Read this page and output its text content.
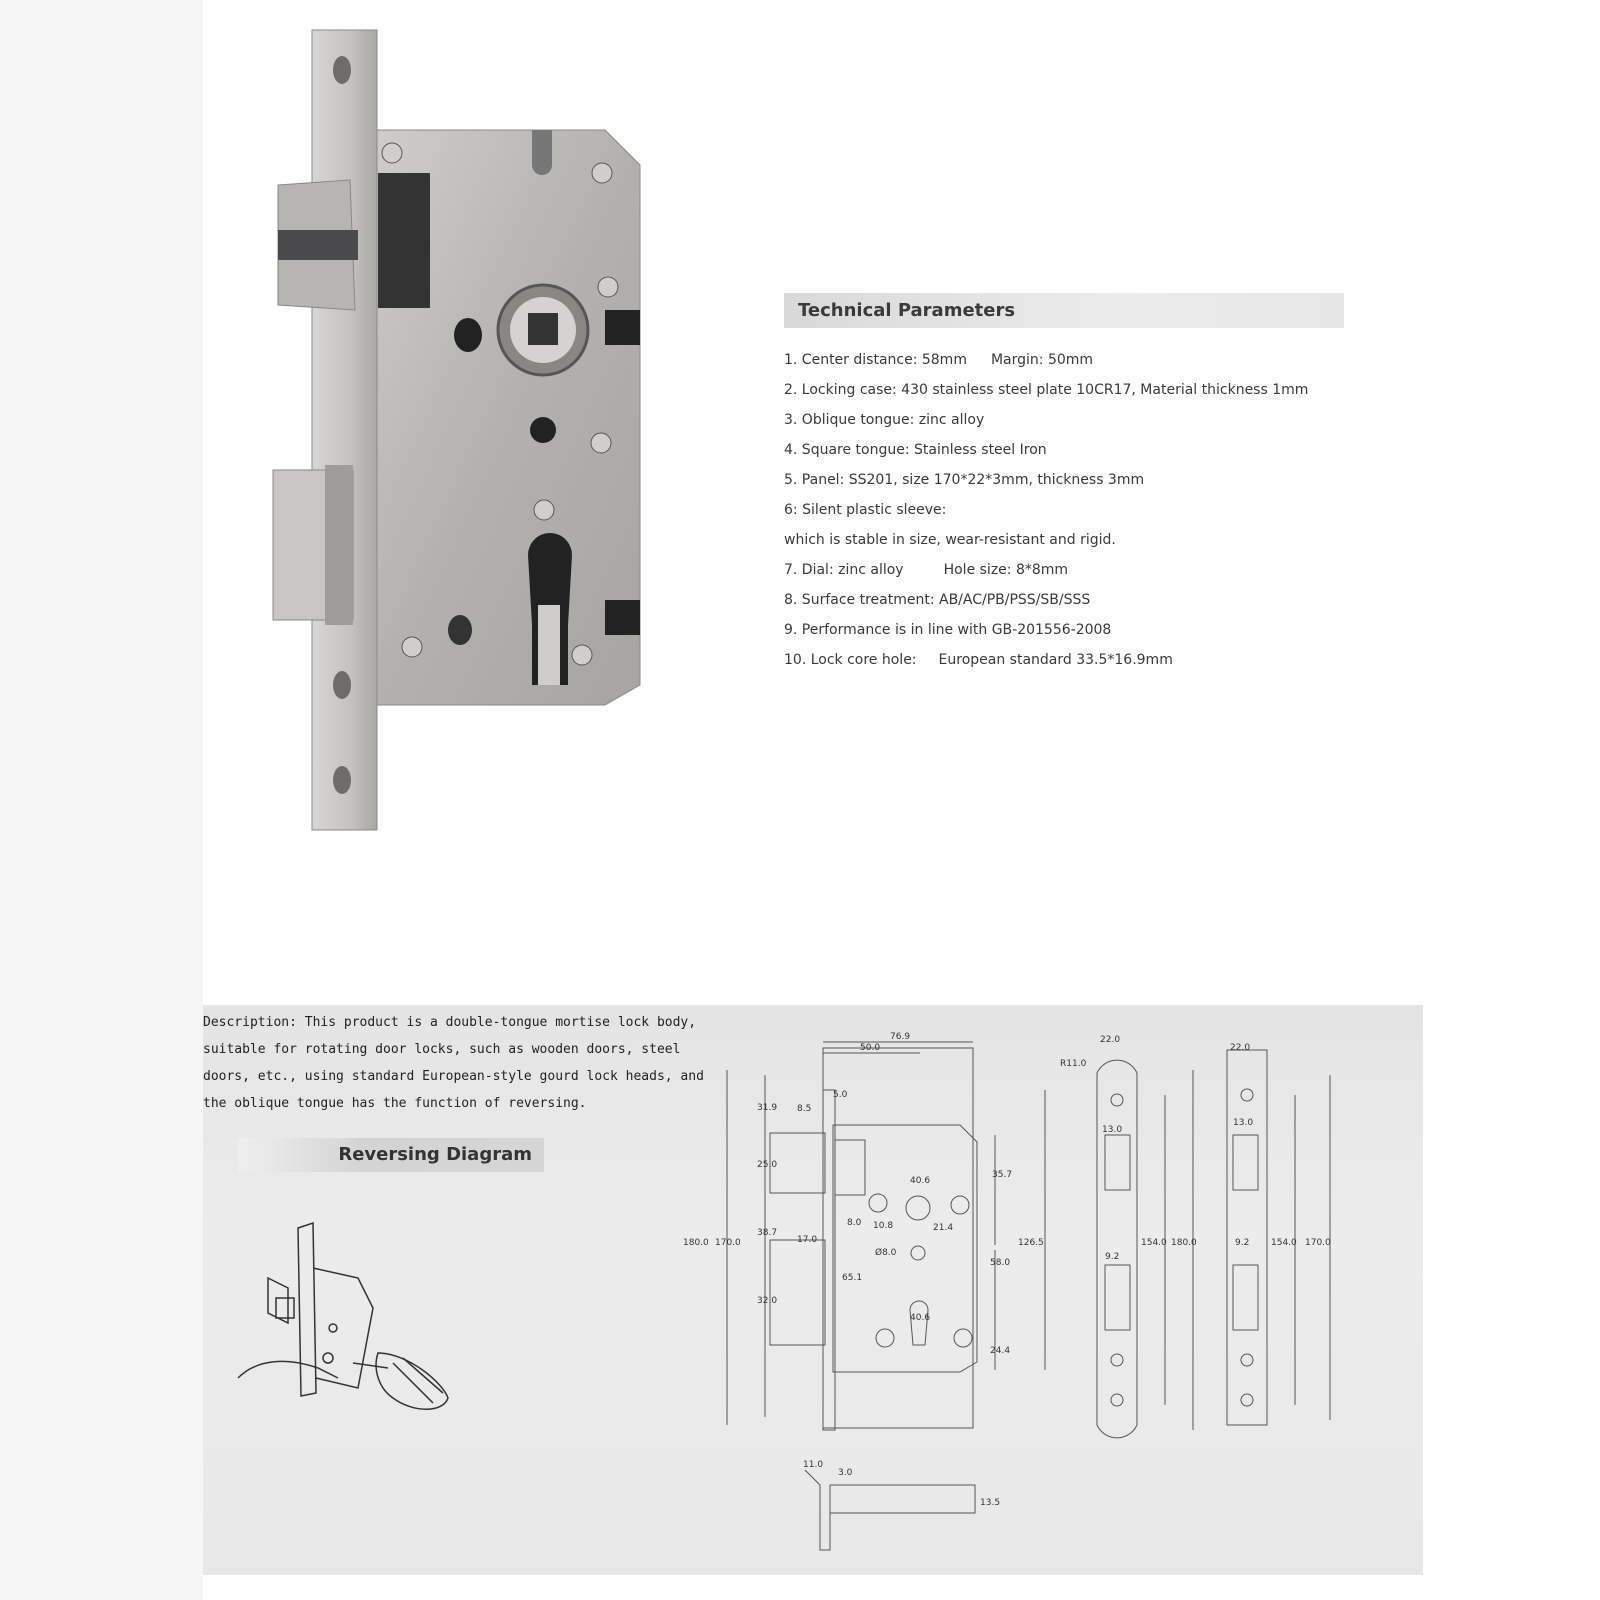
Technical Parameters
1. Center distance: 58mm Margin: 50mm
2. Locking case: 430 stainless steel plate 10CR17, Material thickness 1mm
3. Oblique tongue: zinc alloy
4. Square tongue: Stainless steel Iron
5. Panel: SS201, size 170*22*3mm, thickness 3mm
6: Silent plastic sleeve:
which is stable in size, wear-resistant and rigid.
7. Dial: zinc alloy	Hole size: 8*8mm
8. Surface treatment: AB/AC/PB/PSS/SB/SSS
9. Performance is in line with GB-201556-2008
10. Lock core hole: European standard 33.5*16.9mm
Description: This product is a double-tongue mortise lock body,
suitable for rotating door locks, such as wooden doors, steel
doors, etc., using standard European-style gourd lock heads, and
the oblique tongue has the function of reversing.
Reversing Diagram
76.9
50.0
5.0
31.9 8.5
25.0
40.6
35.7
8.0 10.8	21.4
38.7
17.0
180.0 170.0	126.5
Ø8.0
65.1
58.0
32.0
40.6
24.4
22.0
R11.0
13.0
9.2
154.0 180.0
22.0
13.0
9.2 154.0 170.0
11.0
3.0
13.5
